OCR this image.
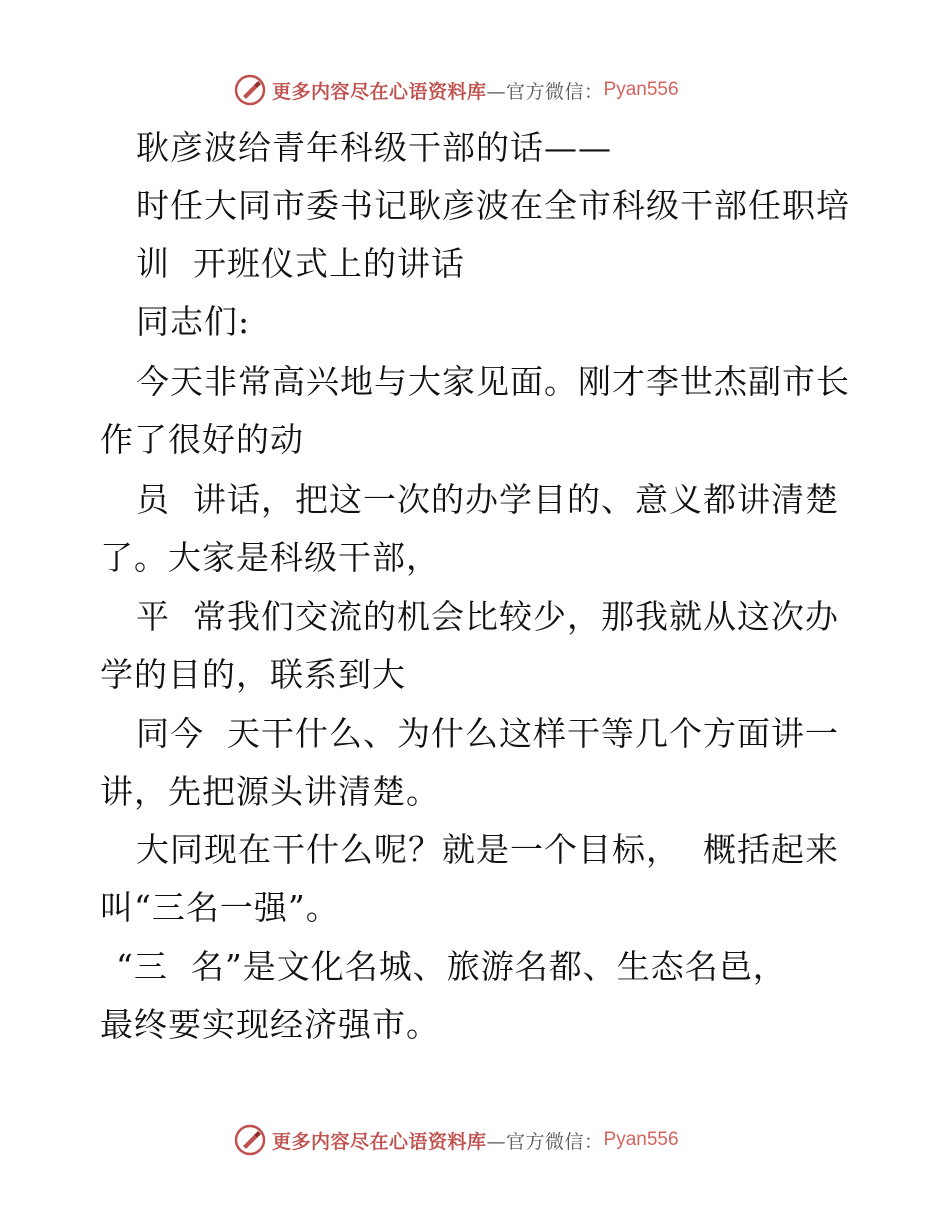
更多内容尽在心语资料库 —官方微信： Pyan556
耿彦波给青年科级干部的话——
时任大同市委书记耿彦波在全市科级干部任职培
训  开班仪式上的讲话
同志们:
今天非常高兴地与大家见面。刚才李世杰副市长
作了很好的动
员  讲话，把这一次的办学目的、意义都讲清楚
了。大家是科级干部，
平  常我们交流的机会比较少，那我就从这次办
学的目的，联系到大
同今  天干什么、为什么这样干等几个方面讲一
讲，先把源头讲清楚。
大同现在干什么呢？就是一个目标，  概括起来
叫“三名一强”。
“三  名”是文化名城、旅游名都、生态名邑，
最终要实现经济强市。
更多内容尽在心语资料库 —官方微信： Pyan556
